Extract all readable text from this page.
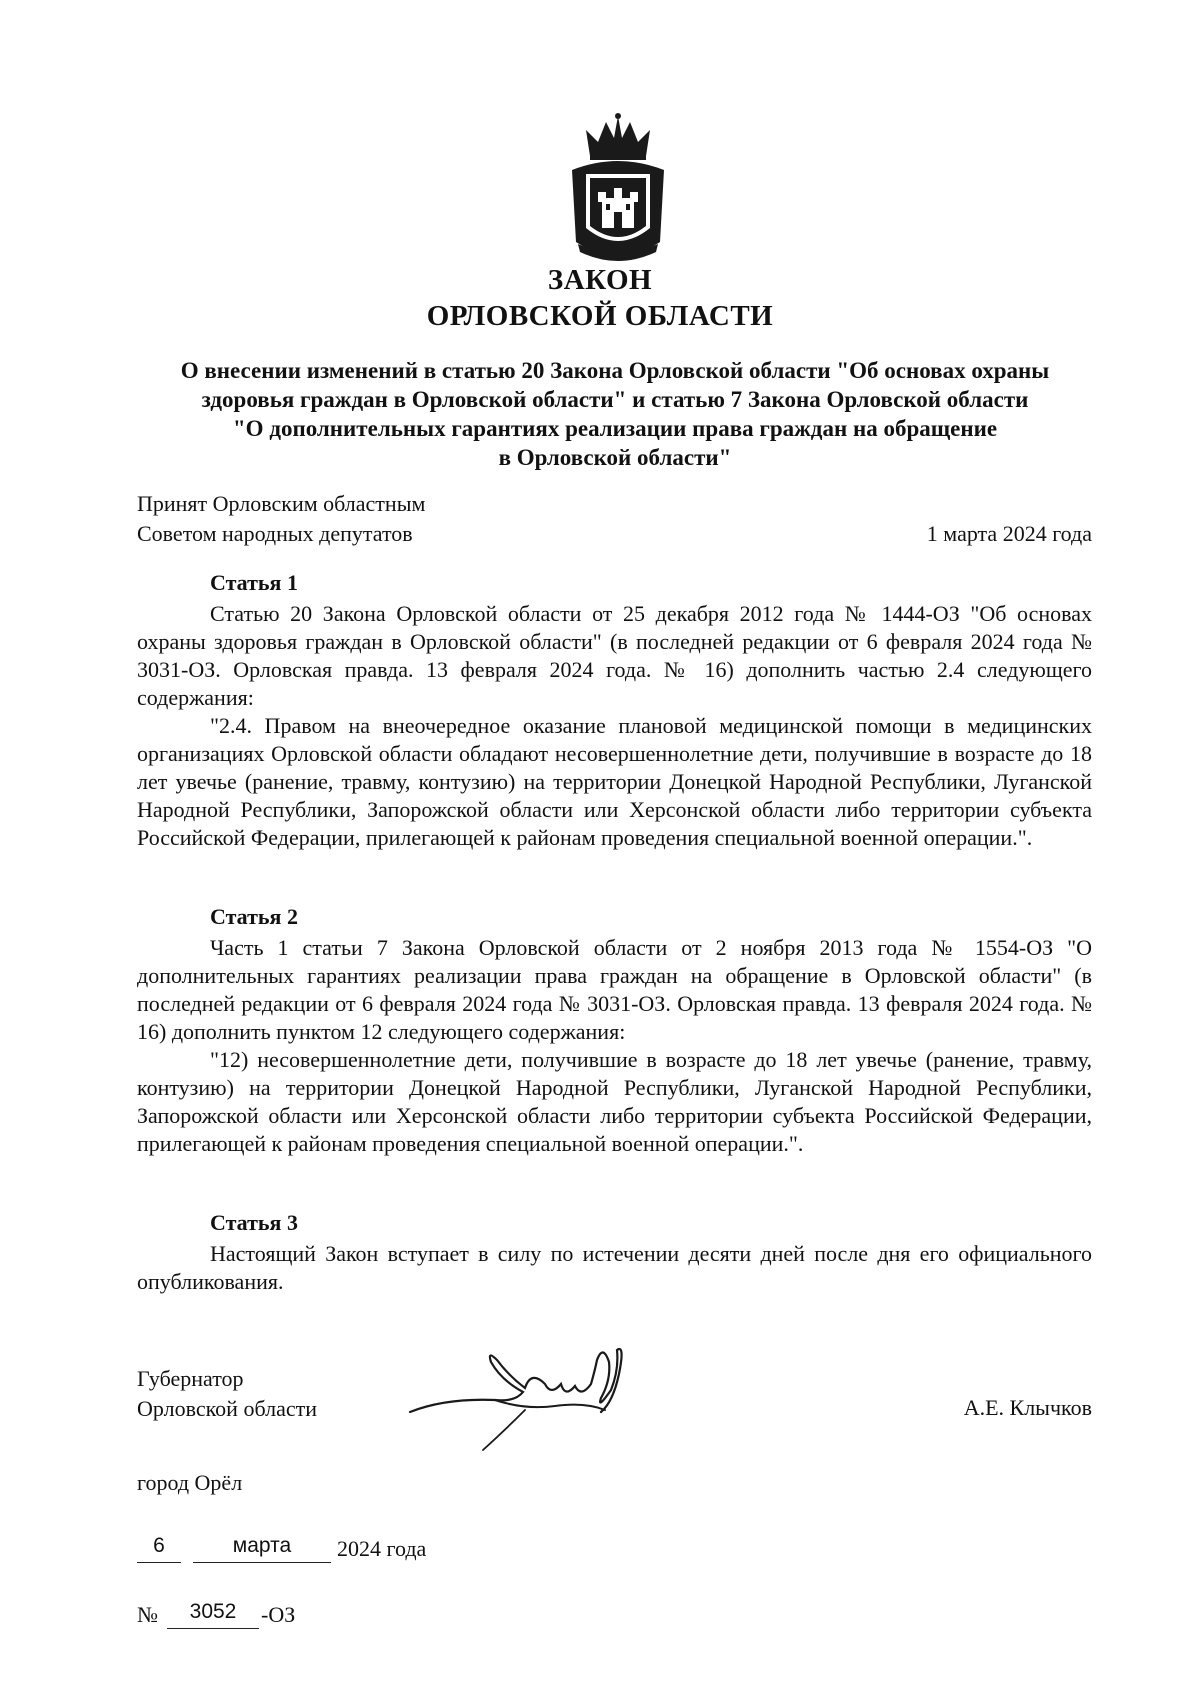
ЗАКОН
ОРЛОВСКОЙ ОБЛАСТИ
О внесении изменений в статью 20 Закона Орловской области "Об основах охраны
здоровья граждан в Орловской области" и статью 7 Закона Орловской области
"О дополнительных гарантиях реализации права граждан на обращение
в Орловской области"
Принят Орловским областным
Советом народных депутатов	1 марта 2024 года
Статья 1

Статью 20 Закона Орловской области от 25 декабря 2012 года № 1444-ОЗ "Об основах охраны здоровья граждан в Орловской области" (в последней редакции от 6 февраля 2024 года № 3031-ОЗ. Орловская правда. 13 февраля 2024 года. № 16) дополнить частью 2.4 следующего содержания:

"2.4. Правом на внеочередное оказание плановой медицинской помощи в медицинских организациях Орловской области обладают несовершеннолетние дети, получившие в возрасте до 18 лет увечье (ранение, травму, контузию) на территории Донецкой Народной Республики, Луганской Народной Республики, Запорожской области или Херсонской области либо территории субъекта Российской Федерации, прилегающей к районам проведения специальной военной операции.".

Статья 2

Часть 1 статьи 7 Закона Орловской области от 2 ноября 2013 года № 1554-ОЗ "О дополнительных гарантиях реализации права граждан на обращение в Орловской области" (в последней редакции от 6 февраля 2024 года № 3031-ОЗ. Орловская правда. 13 февраля 2024 года. № 16) дополнить пунктом 12 следующего содержания:

"12) несовершеннолетние дети, получившие в возрасте до 18 лет увечье (ранение, травму, контузию) на территории Донецкой Народной Республики, Луганской Народной Республики, Запорожской области или Херсонской области либо территории субъекта Российской Федерации, прилегающей к районам проведения специальной военной операции.".

Статья 3

Настоящий Закон вступает в силу по истечении десяти дней после дня его официального опубликования.

Губернатор
Орловской области	А.Е. Клычков
город Орёл
6	марта	2024 года
№	3052	-ОЗ
